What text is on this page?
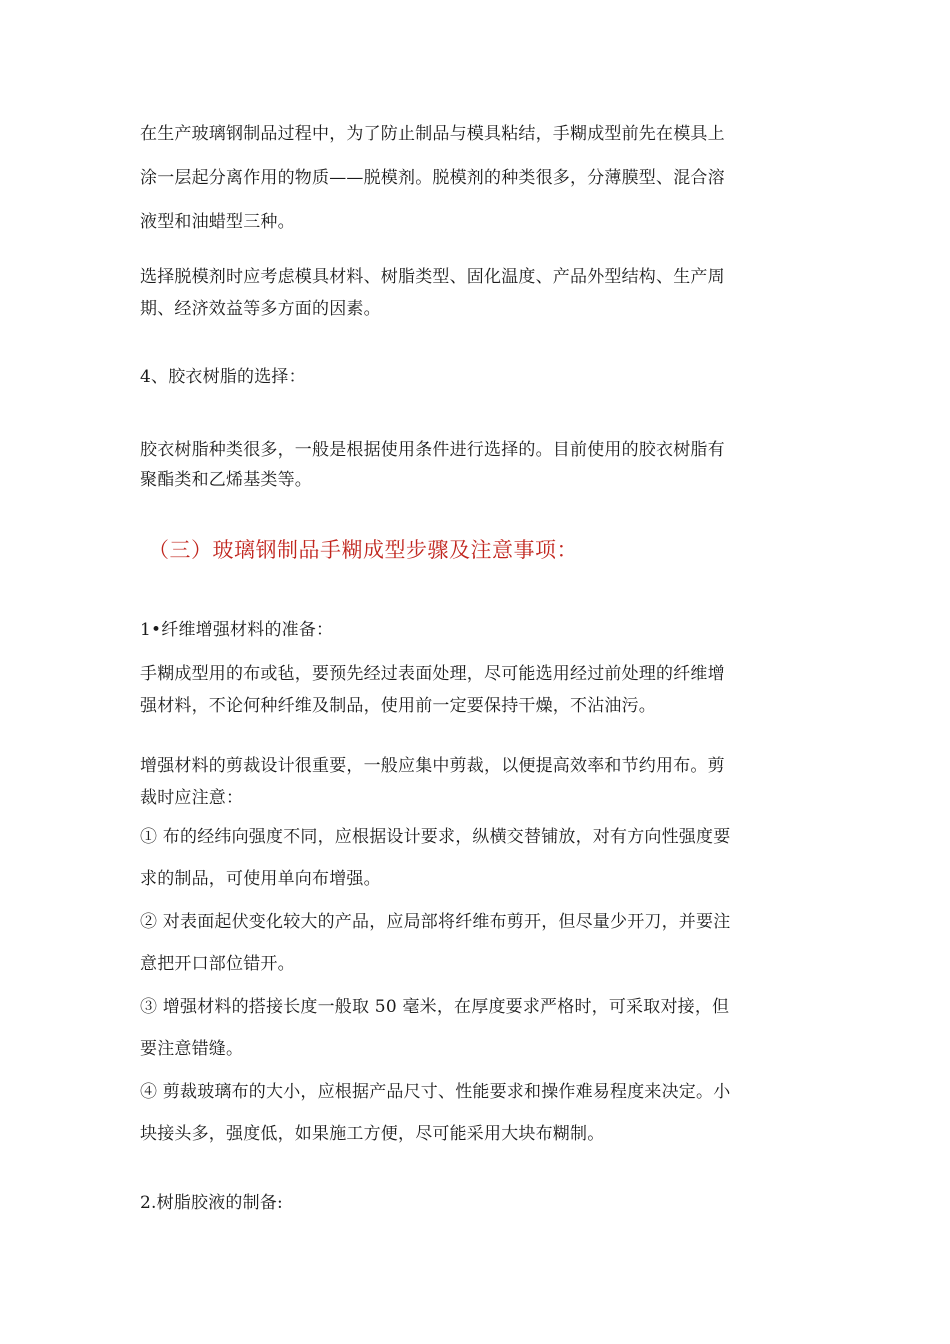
在生产玻璃钢制品过程中，为了防止制品与模具粘结，手糊成型前先在模具上
涂一层起分离作用的物质——脱模剂。脱模剂的种类很多，分薄膜型、混合溶
液型和油蜡型三种。
选择脱模剂时应考虑模具材料、树脂类型、固化温度、产品外型结构、生产周
期、经济效益等多方面的因素。
4、胶衣树脂的选择：
胶衣树脂种类很多，一般是根据使用条件进行选择的。目前使用的胶衣树脂有
聚酯类和乙烯基类等。
（三）玻璃钢制品手糊成型步骤及注意事项：
1•纤维增强材料的准备：
手糊成型用的布或毡，要预先经过表面处理，尽可能选用经过前处理的纤维增
强材料，不论何种纤维及制品，使用前一定要保持干燥，不沾油污。
增强材料的剪裁设计很重要，一般应集中剪裁，以便提高效率和节约用布。剪
裁时应注意：
① 布的经纬向强度不同，应根据设计要求，纵横交替铺放，对有方向性强度要
求的制品，可使用单向布增强。
② 对表面起伏变化较大的产品，应局部将纤维布剪开，但尽量少开刀，并要注
意把开口部位错开。
③ 增强材料的搭接长度一般取 50 毫米，在厚度要求严格时，可采取对接，但
要注意错缝。
④ 剪裁玻璃布的大小，应根据产品尺寸、性能要求和操作难易程度来决定。小
块接头多，强度低，如果施工方便，尽可能采用大块布糊制。
2.树脂胶液的制备:
